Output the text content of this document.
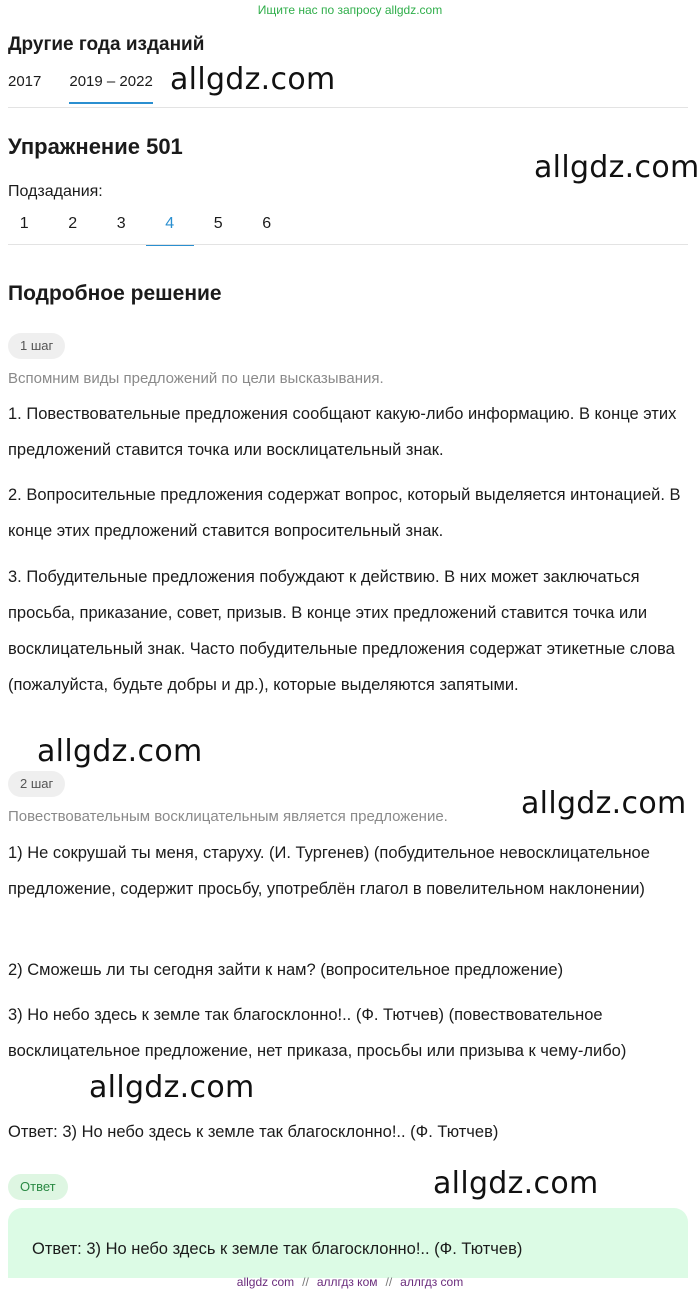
Ищите нас по запросу allgdz.com
Другие года изданий
2017 2019 – 2022 allgdz.com
Упражнение 501
allgdz.com
Подзадания:
1	2	3	4	5	6
Подробное решение
1 шаг
Вспомним виды предложений по цели высказывания.
1. Повествовательные предложения сообщают какую-либо информацию. В конце этих предложений ставится точка или восклицательный знак.
2. Вопросительные предложения содержат вопрос, который выделяется интонацией. В конце этих предложений ставится вопросительный знак.
3. Побудительные предложения побуждают к действию. В них может заключаться просьба, приказание, совет, призыв. В конце этих предложений ставится точка или восклицательный знак. Часто побудительные предложения содержат этикетные слова (пожалуйста, будьте добры и др.), которые выделяются запятыми.
allgdz.com
2 шаг
allgdz.com
Повествовательным восклицательным является предложение.
1) Не сокрушай ты меня, старуху. (И. Тургенев) (побудительное невосклицательное предложение, содержит просьбу, употреблён глагол в повелительном наклонении)
2) Сможешь ли ты сегодня зайти к нам? (вопросительное предложение)
3) Но небо здесь к земле так благосклонно!.. (Ф. Тютчев) (повествовательное восклицательное предложение, нет приказа, просьбы или призыва к чему-либо)
allgdz.com
Ответ: 3) Но небо здесь к земле так благосклонно!.. (Ф. Тютчев)
Ответ	allgdz.com
Ответ: 3) Но небо здесь к земле так благосклонно!.. (Ф. Тютчев)
allgdz com // аллгдз ком // аллгдз com
